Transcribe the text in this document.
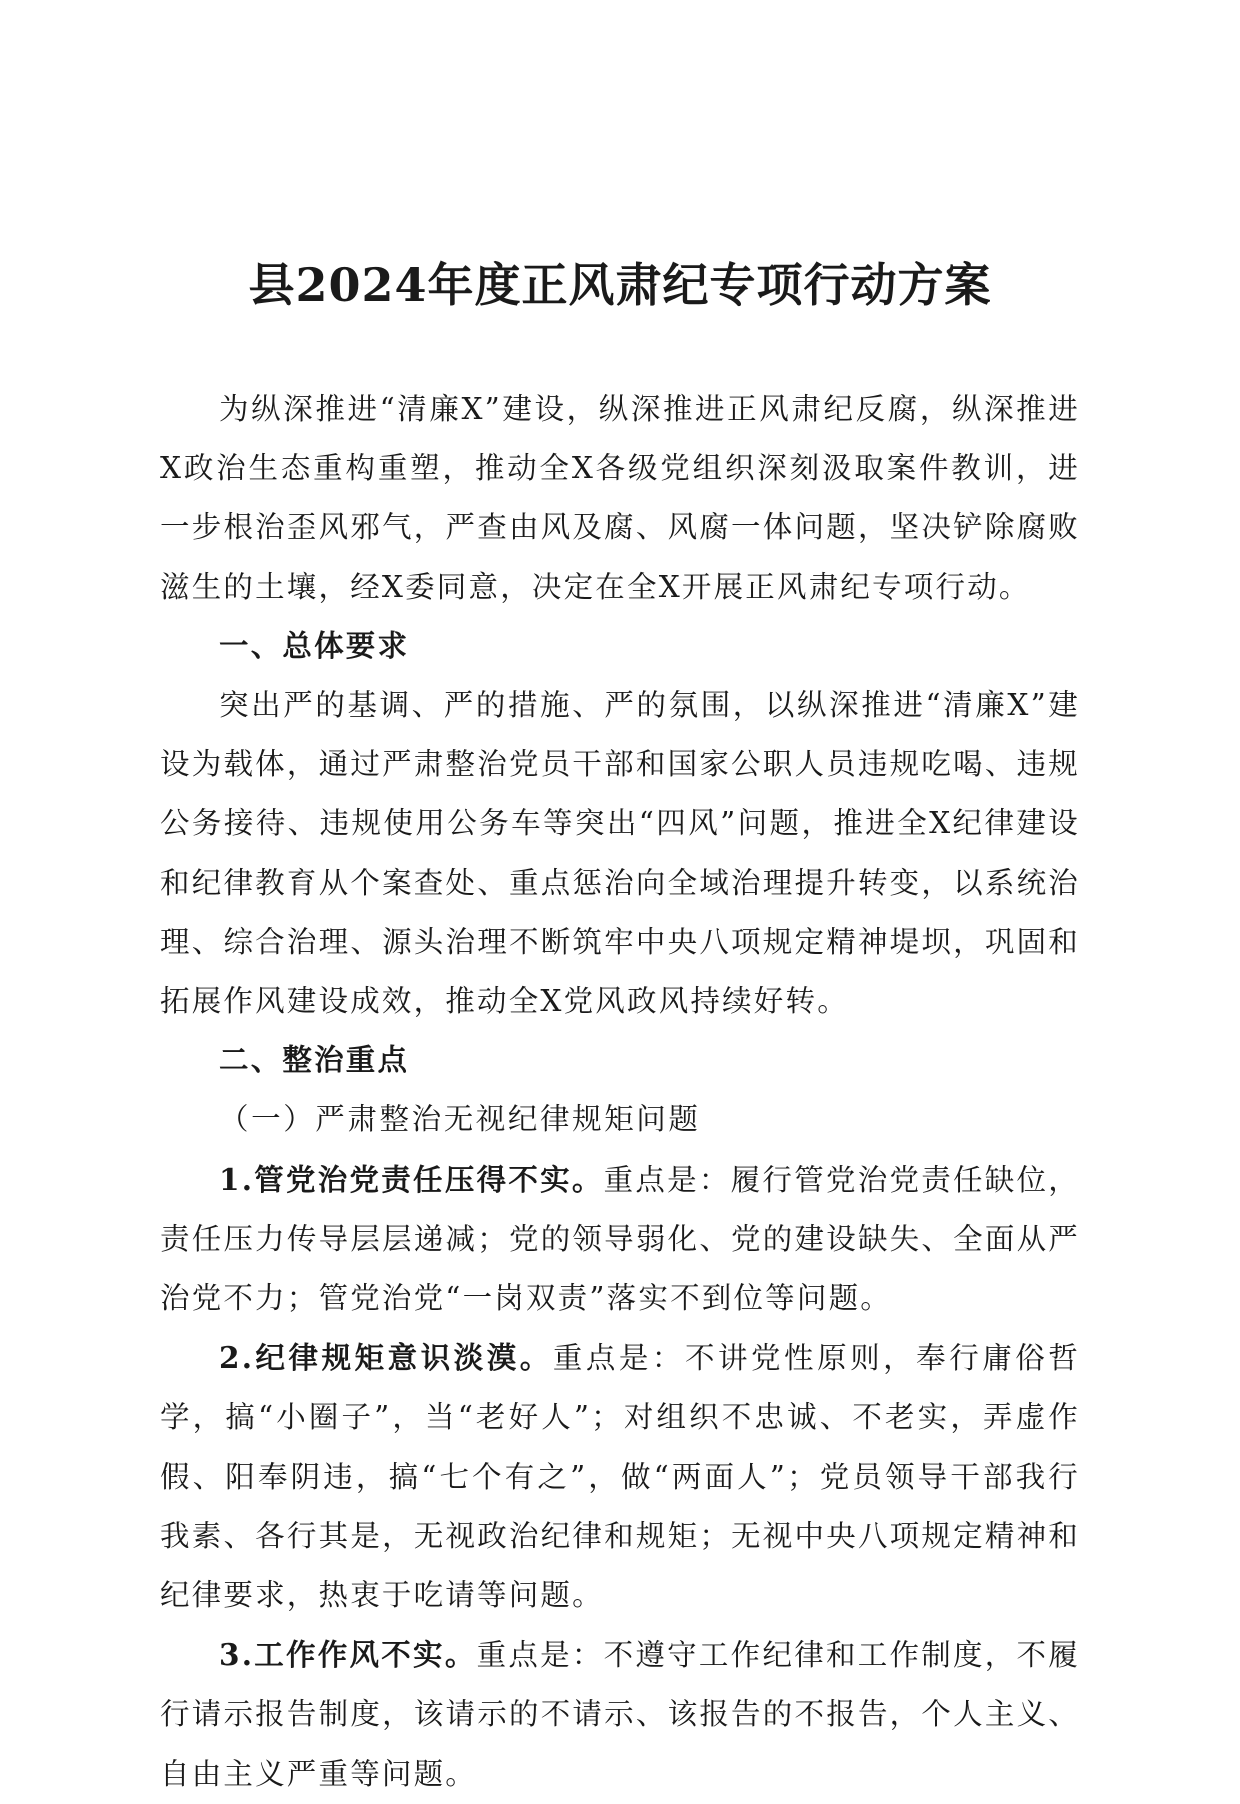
县2024年度正风肃纪专项行动方案

为纵深推进“清廉X”建设，纵深推进正风肃纪反腐，纵深推进X政治生态重构重塑，推动全X各级党组织深刻汲取案件教训，进一步根治歪风邪气，严查由风及腐、风腐一体问题，坚决铲除腐败滋生的土壤，经X委同意，决定在全X开展正风肃纪专项行动。

一、总体要求

突出严的基调、严的措施、严的氛围，以纵深推进“清廉X”建设为载体，通过严肃整治党员干部和国家公职人员违规吃喝、违规公务接待、违规使用公务车等突出“四风”问题，推进全X纪律建设和纪律教育从个案查处、重点惩治向全域治理提升转变，以系统治理、综合治理、源头治理不断筑牢中央八项规定精神堤坝，巩固和拓展作风建设成效，推动全X党风政风持续好转。

二、整治重点

（一）严肃整治无视纪律规矩问题

1.管党治党责任压得不实。重点是：履行管党治党责任缺位，责任压力传导层层递减；党的领导弱化、党的建设缺失、全面从严治党不力；管党治党“一岗双责”落实不到位等问题。

2.纪律规矩意识淡漠。重点是：不讲党性原则，奉行庸俗哲学，搞“小圈子”，当“老好人”；对组织不忠诚、不老实，弄虚作假、阳奉阴违，搞“七个有之”，做“两面人”；党员领导干部我行我素、各行其是，无视政治纪律和规矩；无视中央八项规定精神和纪律要求，热衷于吃请等问题。

3.工作作风不实。重点是：不遵守工作纪律和工作制度，不履行请示报告制度，该请示的不请示、该报告的不报告，个人主义、自由主义严重等问题。
